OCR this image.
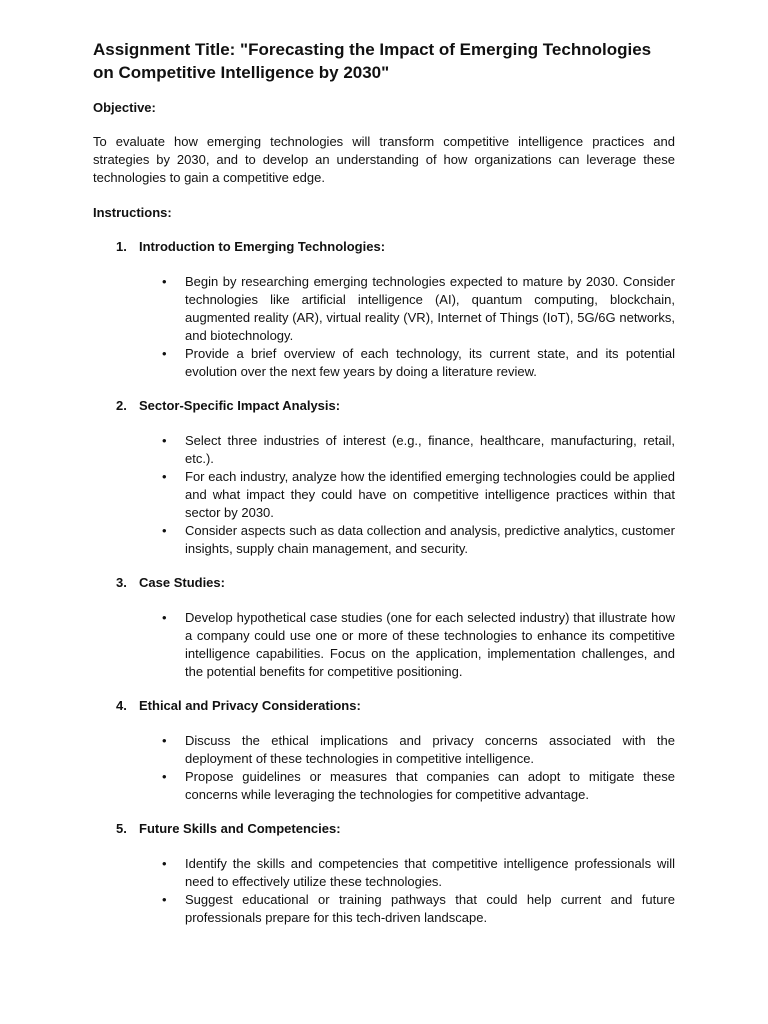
Assignment Title: "Forecasting the Impact of Emerging Technologies on Competitive Intelligence by 2030"
Objective:
To evaluate how emerging technologies will transform competitive intelligence practices and strategies by 2030, and to develop an understanding of how organizations can leverage these technologies to gain a competitive edge.
Instructions:
1. Introduction to Emerging Technologies:
• Begin by researching emerging technologies expected to mature by 2030. Consider technologies like artificial intelligence (AI), quantum computing, blockchain, augmented reality (AR), virtual reality (VR), Internet of Things (IoT), 5G/6G networks, and biotechnology.
• Provide a brief overview of each technology, its current state, and its potential evolution over the next few years by doing a literature review.
2. Sector-Specific Impact Analysis:
• Select three industries of interest (e.g., finance, healthcare, manufacturing, retail, etc.).
• For each industry, analyze how the identified emerging technologies could be applied and what impact they could have on competitive intelligence practices within that sector by 2030.
• Consider aspects such as data collection and analysis, predictive analytics, customer insights, supply chain management, and security.
3. Case Studies:
• Develop hypothetical case studies (one for each selected industry) that illustrate how a company could use one or more of these technologies to enhance its competitive intelligence capabilities. Focus on the application, implementation challenges, and the potential benefits for competitive positioning.
4. Ethical and Privacy Considerations:
• Discuss the ethical implications and privacy concerns associated with the deployment of these technologies in competitive intelligence.
• Propose guidelines or measures that companies can adopt to mitigate these concerns while leveraging the technologies for competitive advantage.
5. Future Skills and Competencies:
• Identify the skills and competencies that competitive intelligence professionals will need to effectively utilize these technologies.
• Suggest educational or training pathways that could help current and future professionals prepare for this tech-driven landscape.
